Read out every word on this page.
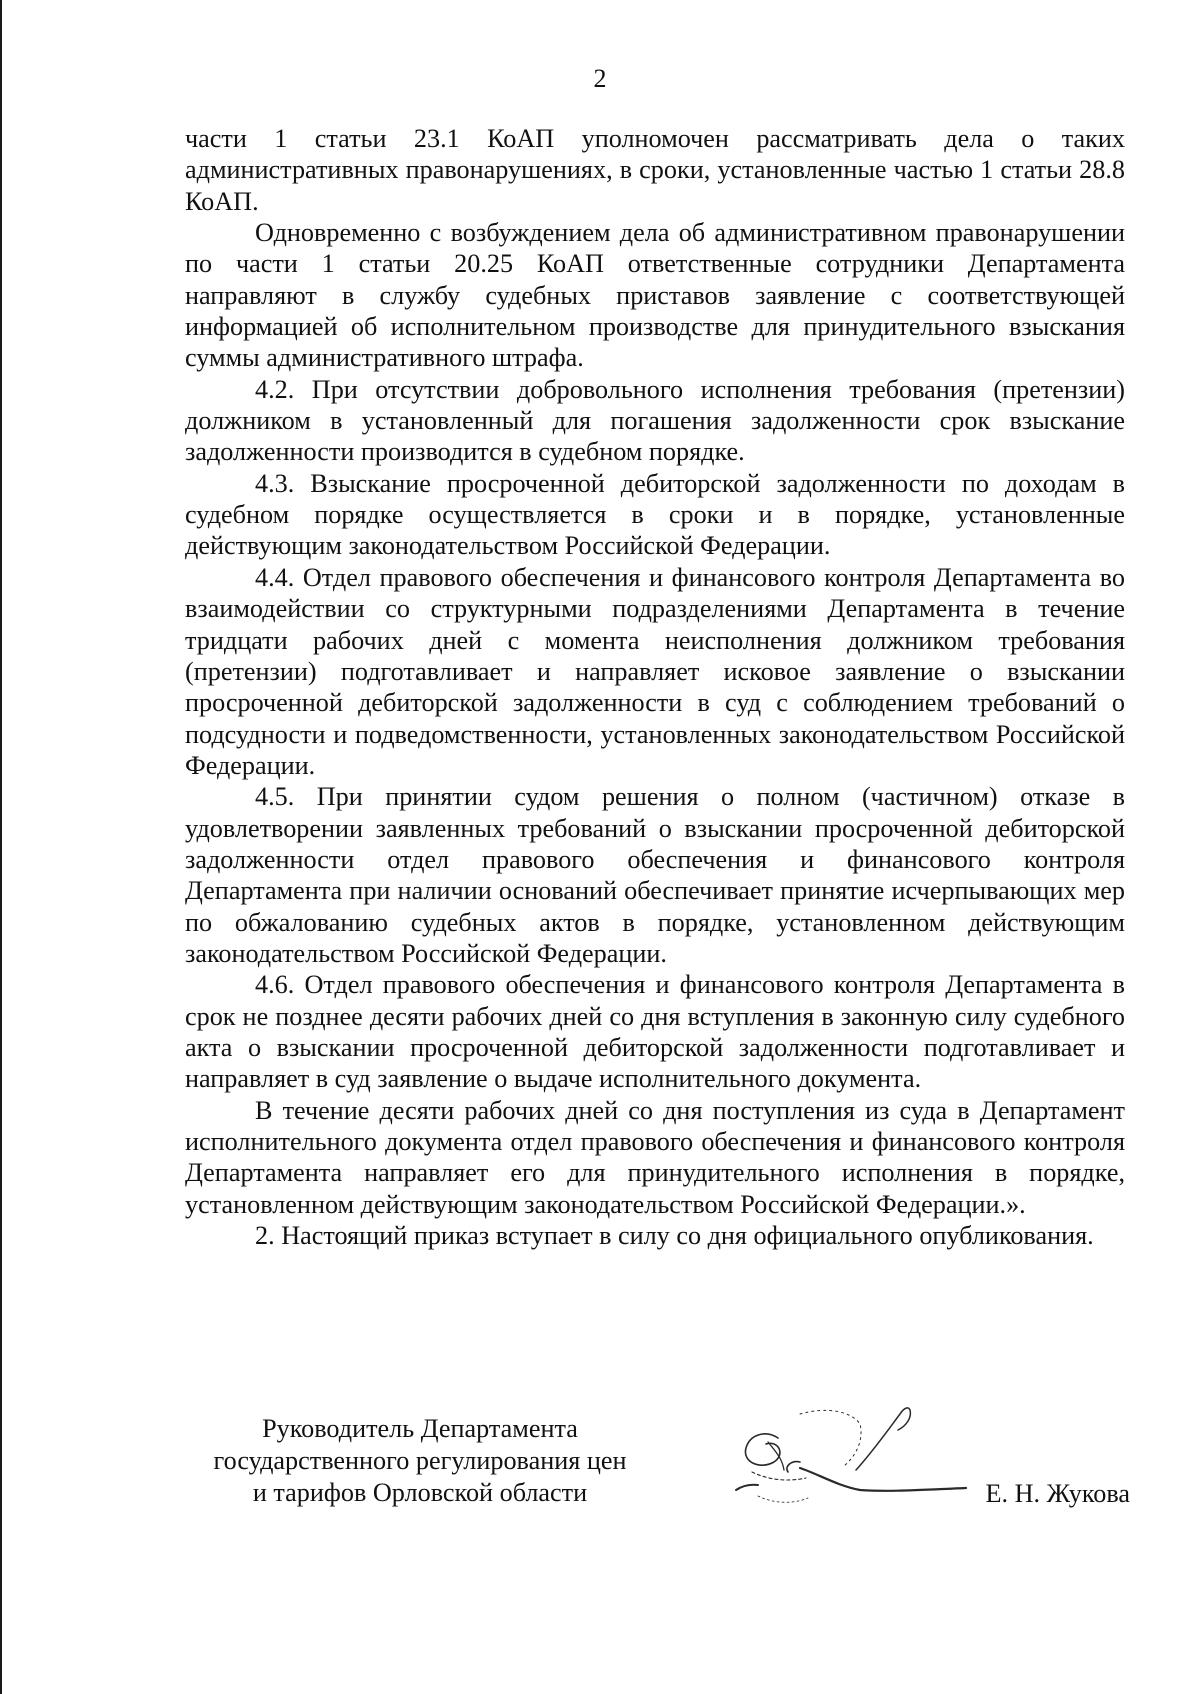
2

части 1 статьи 23.1 КоАП уполномочен рассматривать дела о таких административных правонарушениях, в сроки, установленные частью 1 статьи 28.8 КоАП.

Одновременно с возбуждением дела об административном правонарушении по части 1 статьи 20.25 КоАП ответственные сотрудники Департамента направляют в службу судебных приставов заявление с соответствующей информацией об исполнительном производстве для принудительного взыскания суммы административного штрафа.

4.2. При отсутствии добровольного исполнения требования (претензии) должником в установленный для погашения задолженности срок взыскание задолженности производится в судебном порядке.

4.3. Взыскание просроченной дебиторской задолженности по доходам в судебном порядке осуществляется в сроки и в порядке, установленные действующим законодательством Российской Федерации.

4.4. Отдел правового обеспечения и финансового контроля Департамента во взаимодействии со структурными подразделениями Департамента в течение тридцати рабочих дней с момента неисполнения должником требования (претензии) подготавливает и направляет исковое заявление о взыскании просроченной дебиторской задолженности в суд с соблюдением требований о подсудности и подведомственности, установленных законодательством Российской Федерации.

4.5. При принятии судом решения о полном (частичном) отказе в удовлетворении заявленных требований о взыскании просроченной дебиторской задолженности отдел правового обеспечения и финансового контроля Департамента при наличии оснований обеспечивает принятие исчерпывающих мер по обжалованию судебных актов в порядке, установленном действующим законодательством Российской Федерации.

4.6. Отдел правового обеспечения и финансового контроля Департамента в срок не позднее десяти рабочих дней со дня вступления в законную силу судебного акта о взыскании просроченной дебиторской задолженности подготавливает и направляет в суд заявление о выдаче исполнительного документа.

В течение десяти рабочих дней со дня поступления из суда в Департамент исполнительного документа отдел правового обеспечения и финансового контроля Департамента направляет его для принудительного исполнения в порядке, установленном действующим законодательством Российской Федерации.».

2. Настоящий приказ вступает в силу со дня официального опубликования.

Руководитель Департамента
государственного регулирования цен
и тарифов Орловской области	Е. Н. Жукова
